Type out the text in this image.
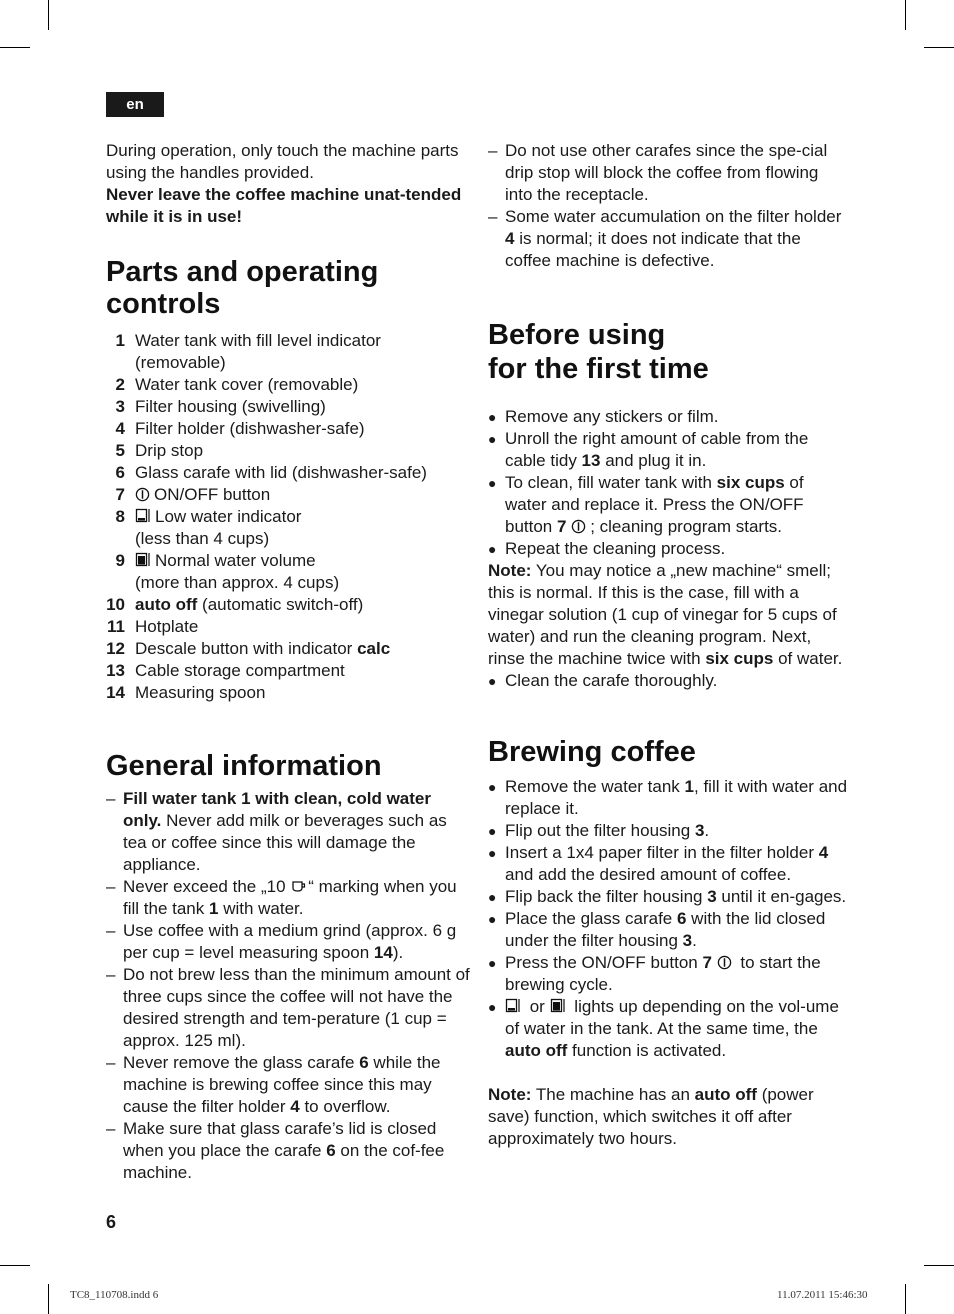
en

During operation, only touch the machine parts using the handles provided.

Never leave the coffee machine unat-tended while it is in use!

Parts and operating
controls
1 Water tank with fill level indicator
(removable)
2 Water tank cover (removable)
3 Filter housing (swivelling)
4 Filter holder (dishwasher-safe)
5 Drip stop
6 Glass carafe with lid (dishwasher-safe)
7	ON/OFF button
8	Low water indicator
(less than 4 cups)
9	Normal water volume
(more than approx. 4 cups)
10 auto off (automatic switch-off)
11 Hotplate
12 Descale button with indicator calc
13 Cable storage compartment
14 Measuring spoon
General information
– Fill water tank 1 with clean, cold water only. Never add milk or beverages such as tea or coffee since this will damage the appliance.
– Never exceed the „10 “ marking when you fill the tank 1 with water.
– Use coffee with a medium grind (approx. 6 g per cup = level measuring spoon 14).
– Do not brew less than the minimum amount of three cups since the coffee will not have the desired strength and tem-perature (1 cup = approx. 125 ml).
– Never remove the glass carafe 6 while the machine is brewing coffee since this may cause the filter holder 4 to overflow.
– Make sure that glass carafe’s lid is closed when you place the carafe 6 on the cof-fee machine.
– Do not use other carafes since the spe-cial drip stop will block the coffee from flowing into the receptacle.
– Some water accumulation on the filter holder 4 is normal; it does not indicate that the coffee machine is defective.
Before using
for the first time
● Remove any stickers or film.
● Unroll the right amount of cable from the cable tidy 13 and plug it in.
● To clean, fill water tank with six cups of water and replace it. Press the ON/OFF button 7 ; cleaning program starts.
● Repeat the cleaning process.

Note: You may notice a „new machine“ smell; this is normal. If this is the case, fill with a vinegar solution (1 cup of vinegar for 5 cups of water) and run the cleaning program. Next, rinse the machine twice with six cups of water.

● Clean the carafe thoroughly.
Brewing coffee
● Remove the water tank 1, fill it with water and replace it.
● Flip out the filter housing 3.
● Insert a 1x4 paper filter in the filter holder 4 and add the desired amount of coffee.
● Flip back the filter housing 3 until it en-gages.
● Place the glass carafe 6 with the lid closed under the filter housing 3.
● Press the ON/OFF button 7  to start the brewing cycle.
●	or  lights up depending on the vol-ume of water in the tank. At the same time, the auto off function is activated.

Note: The machine has an auto off (power save) function, which switches it off after approximately two hours.

6
TC8_110708.indd 6	11.07.2011 15:46:30
